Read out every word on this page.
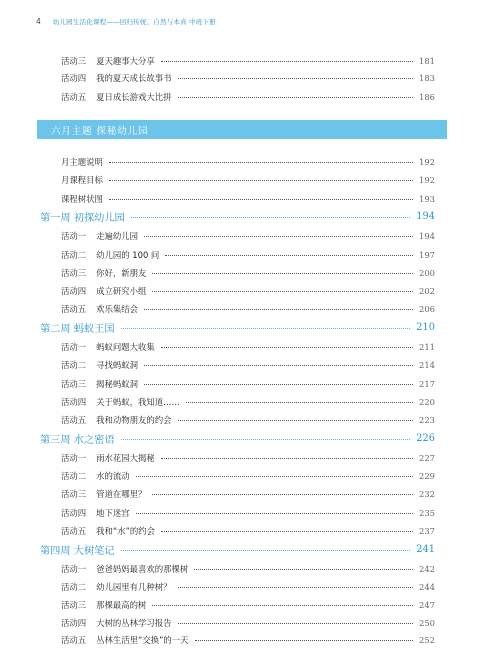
4 幼儿园生活化课程——回归传统、自然与本真 中班下册
活动三 夏天趣事大分享	181
活动四 我的夏天成长故事书	183
活动五 夏日成长游戏大比拼	186
六月主题 探秘幼儿园
月主题说明	192
月课程目标	192
课程树状图	193
第一周 初探幼儿园	194
活动一 走遍幼儿园	194
活动二 幼儿园的 100 问	197
活动三 你好，新朋友	200
活动四 成立研究小组	202
活动五 欢乐集结会	206
第二周 蚂蚁王国	210
活动一 蚂蚁问题大收集	211
活动二 寻找蚂蚁洞	214
活动三 揭秘蚂蚁洞	217
活动四 关于蚂蚁，我知道……	220
活动五 我和动物朋友的约会	223
第三周 水之密语	226
活动一 雨水花园大揭秘	227
活动二 水的流动	229
活动三 管道在哪里？	232
活动四 地下迷宫	235
活动五 我和“水”的约会	237
第四周 大树笔记	241
活动一 爸爸妈妈最喜欢的那棵树	242
活动二 幼儿园里有几种树？	244
活动三 那棵最高的树	247
活动四 大树的丛林学习报告	250
活动五 丛林生活里“交换”的一天	252
